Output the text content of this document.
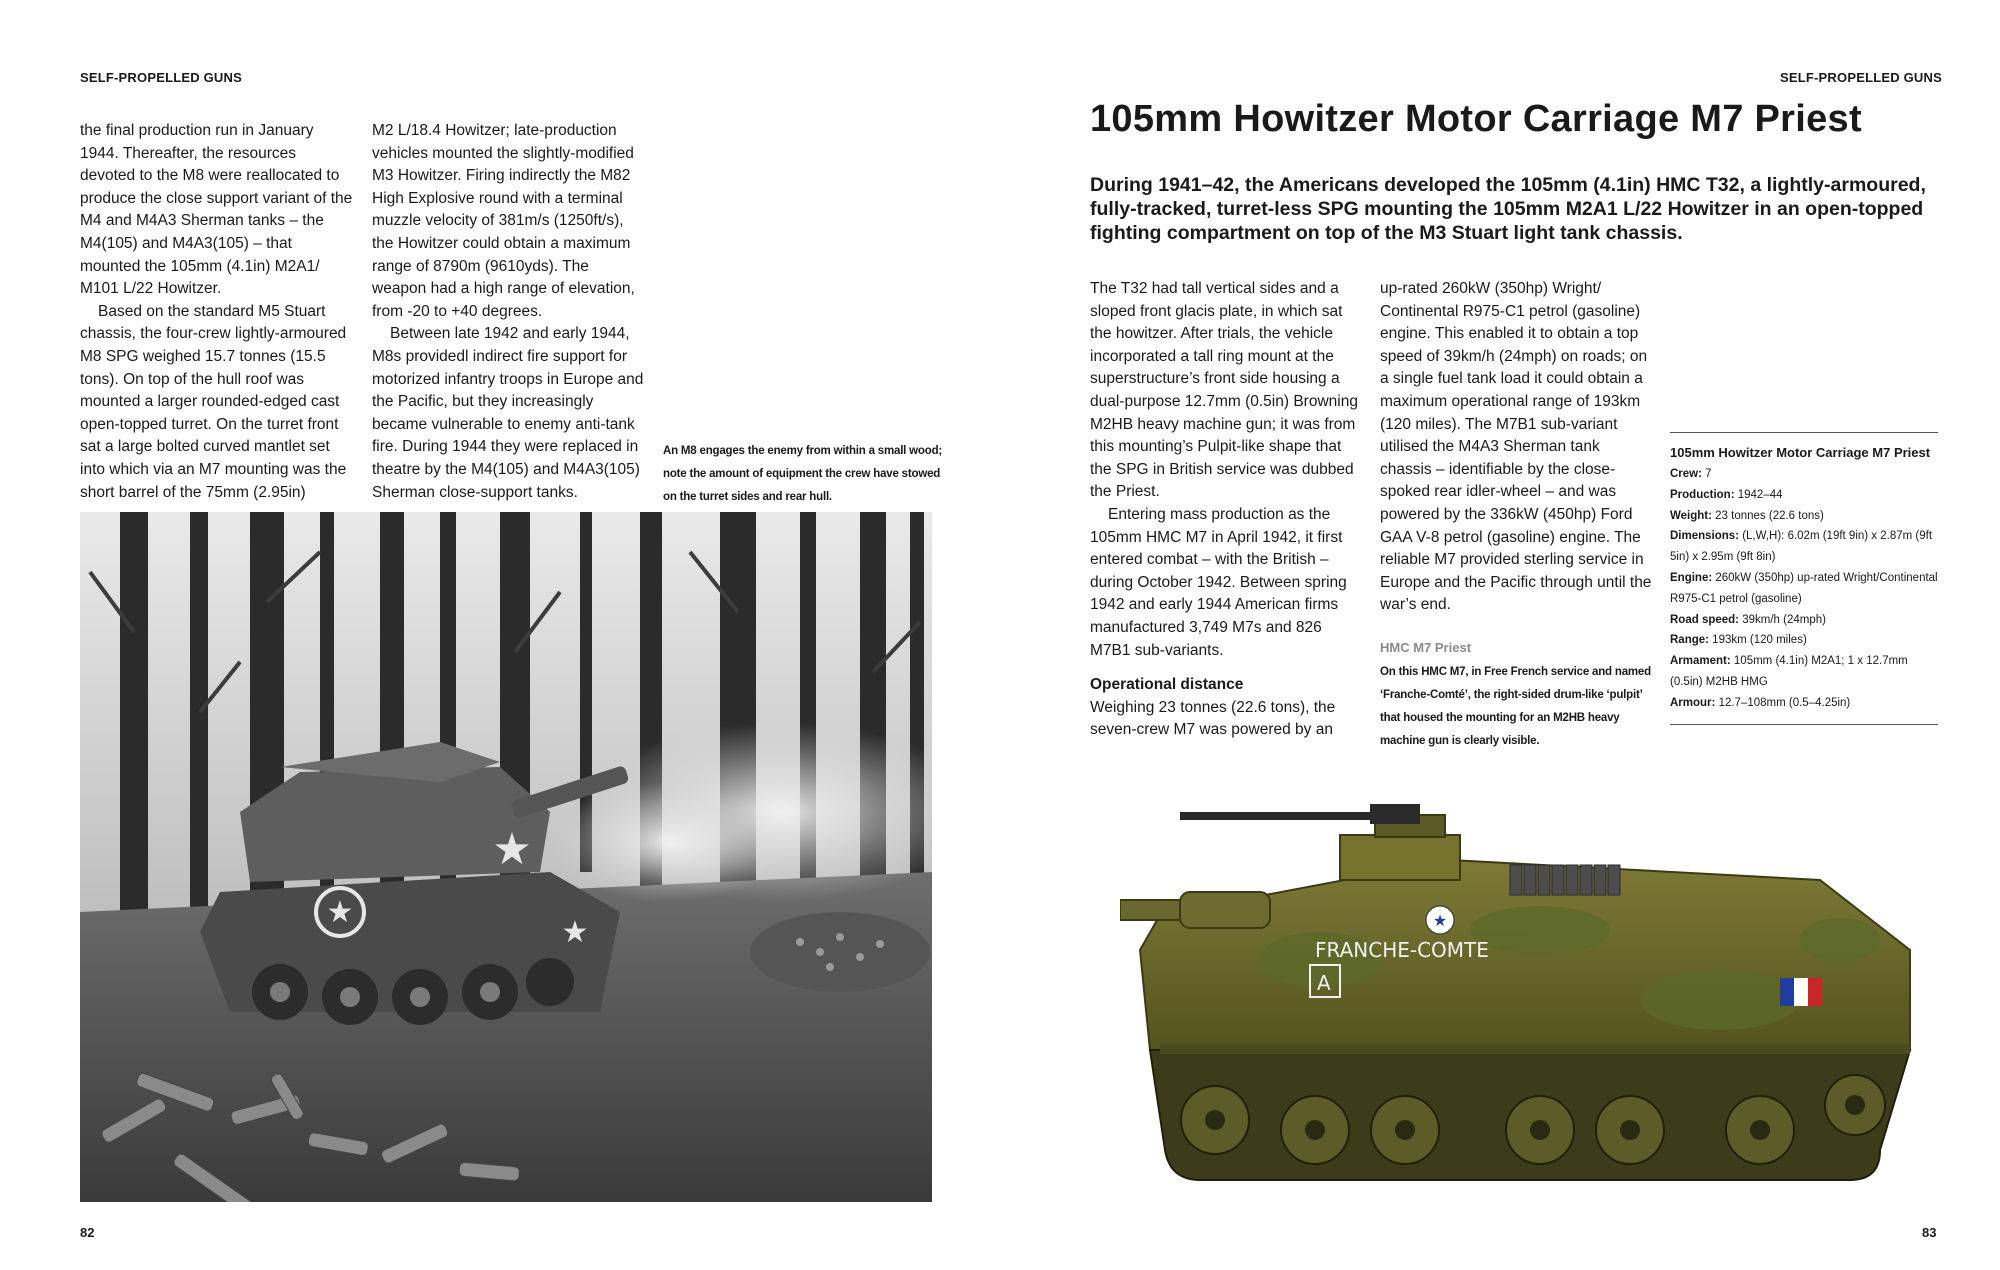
SELF-PROPELLED GUNS

the final production run in January 1944. Thereafter, the resources devoted to the M8 were reallocated to produce the close support variant of the M4 and M4A3 Sherman tanks – the M4(105) and M4A3(105) – that mounted the 105mm (4.1in) M2A1/ M101 L/22 Howitzer.

Based on the standard M5 Stuart chassis, the four-crew lightly-armoured M8 SPG weighed 15.7 tonnes (15.5 tons). On top of the hull roof was mounted a larger rounded-edged cast open-topped turret. On the turret front sat a large bolted curved mantlet set into which via an M7 mounting was the short barrel of the 75mm (2.95in)

M2 L/18.4 Howitzer; late-production vehicles mounted the slightly-modified M3 Howitzer. Firing indirectly the M82 High Explosive round with a terminal muzzle velocity of 381m/s (1250ft/s), the Howitzer could obtain a maximum range of 8790m (9610yds). The weapon had a high range of elevation, from -20 to +40 degrees.

Between late 1942 and early 1944, M8s providedl indirect fire support for motorized infantry troops in Europe and the Pacific, but they increasingly became vulnerable to enemy anti-tank fire. During 1944 they were replaced in theatre by the M4(105) and M4A3(105) Sherman close-support tanks.

An M8 engages the enemy from within a small wood; note the amount of equipment the crew have stowed on the turret sides and rear hull.
★
★
★
82
SELF-PROPELLED GUNS
105mm Howitzer Motor Carriage M7 Priest
During 1941–42, the Americans developed the 105mm (4.1in) HMC T32, a lightly-armoured, fully-tracked, turret-less SPG mounting the 105mm M2A1 L/22 Howitzer in an open-topped fighting compartment on top of the M3 Stuart light tank chassis.

The T32 had tall vertical sides and a sloped front glacis plate, in which sat the howitzer. After trials, the vehicle incorporated a tall ring mount at the superstructure’s front side housing a dual-purpose 12.7mm (0.5in) Browning M2HB heavy machine gun; it was from this mounting’s Pulpit-like shape that the SPG in British service was dubbed the Priest.

Entering mass production as the 105mm HMC M7 in April 1942, it first entered combat – with the British – during October 1942. Between spring 1942 and early 1944 American firms manufactured 3,749 M7s and 826 M7B1 sub-variants.

Operational distance

Weighing 23 tonnes (22.6 tons), the seven-crew M7 was powered by an

up-rated 260kW (350hp) Wright/ Continental R975-C1 petrol (gasoline) engine. This enabled it to obtain a top speed of 39km/h (24mph) on roads; on a single fuel tank load it could obtain a maximum operational range of 193km (120 miles). The M7B1 sub-variant utilised the M4A3 Sherman tank chassis – identifiable by the close-spoked rear idler-wheel – and was powered by the 336kW (450hp) Ford GAA V-8 petrol (gasoline) engine. The reliable M7 provided sterling service in Europe and the Pacific through until the war’s end.

HMC M7 Priest
On this HMC M7, in Free French service and named ‘Franche-Comté’, the right-sided drum-like ‘pulpit’ that housed the mounting for an M2HB heavy machine gun is clearly visible.
105mm Howitzer Motor Carriage M7 Priest
Crew: 7
Production: 1942–44
Weight: 23 tonnes (22.6 tons)
Dimensions: (L,W,H): 6.02m (19ft 9in) x 2.87m (9ft 5in) x 2.95m (9ft 8in)
Engine: 260kW (350hp) up-rated Wright/Continental R975-C1 petrol (gasoline)
Road speed: 39km/h (24mph)
Range: 193km (120 miles)
Armament: 105mm (4.1in) M2A1; 1 x 12.7mm (0.5in) M2HB HMG
Armour: 12.7–108mm (0.5–4.25in)
FRANCHE-COMTE
A
★
83
